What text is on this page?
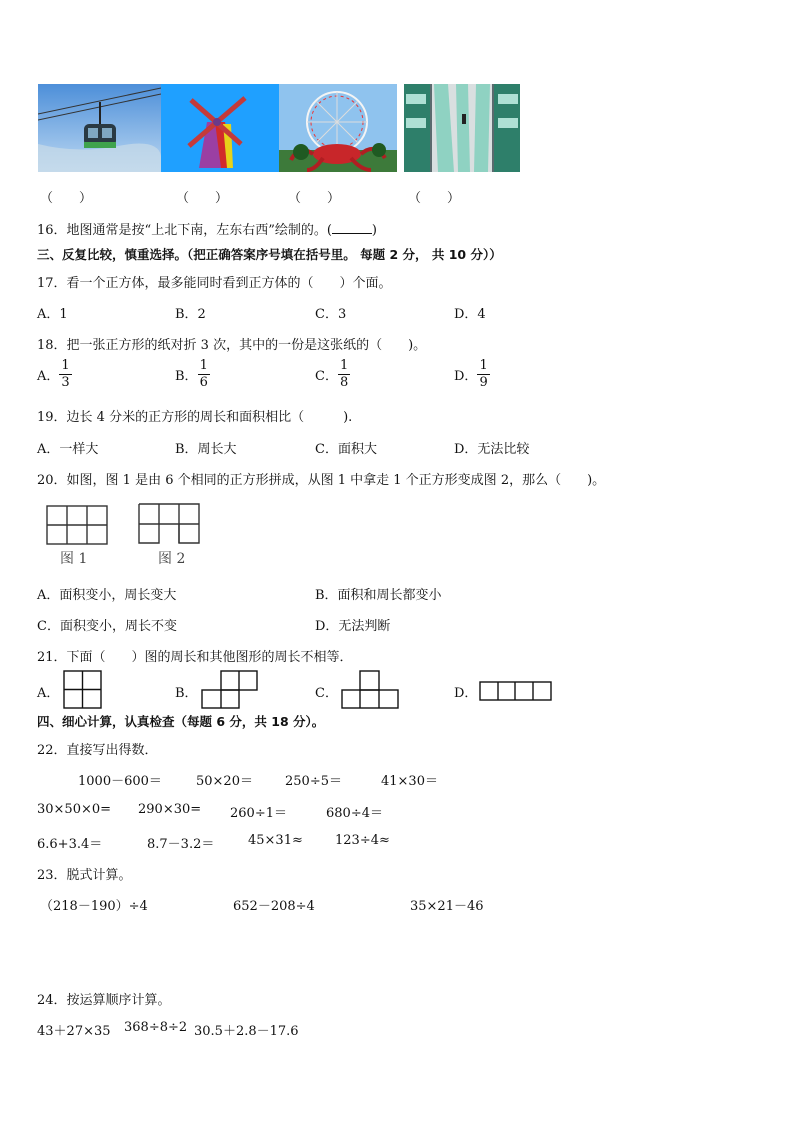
（　　）	（　　）	（　　）	（　　）
16．地图通常是按“上北下南，左东右西”绘制的。(	)
三、反复比较，慎重选择。（把正确答案序号填在括号里。 每题 2 分， 共 10 分））
17．看一个正方体，最多能同时看到正方体的（　　）个面。
A．1	B．2	C．3	D．4
18．把一张正方形的纸对折 3 次，其中的一份是这张纸的（　　)。
A． $\frac{1}{3}$	B． $\frac{1}{6}$	C． $\frac{1}{8}$	D． $\frac{1}{9}$
19．边长 4 分米的正方形的周长和面积相比（　　　).
A．一样大	B．周长大	C．面积大	D．无法比较
20．如图，图 1 是由 6 个相同的正方形拼成，从图 1 中拿走 1 个正方形变成图 2，那么（　　)。
图 1	图 2
A．面积变小，周长变大	B．面积和周长都变小
C．面积变小，周长不变	D．无法判断
21．下面（　　）图的周长和其他图形的周长不相等．
A．	B．	C．	D．
四、细心计算，认真检查（每题 6 分，共 18 分）。
22．直接写出得数．
1000－600＝	50×20＝ 250÷5＝	41×30＝
30×50×0= 290×30= 260÷1＝	680÷4＝
6.6+3.4＝	8.7－3.2＝	45×31≈ 123÷4≈
23．脱式计算。
（218－190）÷4	652－208÷4	35×21－46
24．按运算顺序计算。
43＋27×35 368÷8÷2 30.5＋2.8－17.6
